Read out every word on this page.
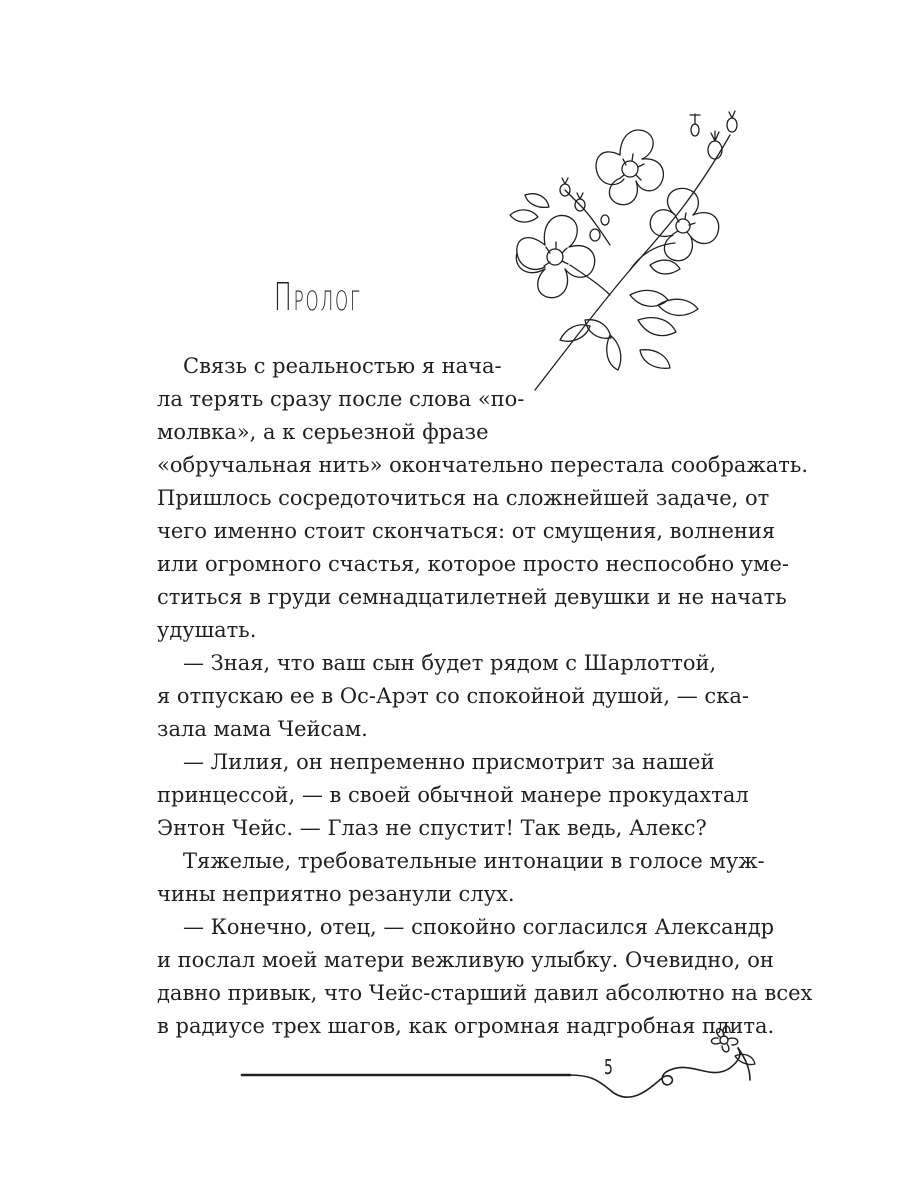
Пролог
Связь с реальностью я нача-
ла терять сразу после слова «по-
молвка», а к серьезной фразе
«обручальная нить» окончательно перестала соображать.
Пришлось сосредоточиться на сложнейшей задаче, от
чего именно стоит скончаться: от смущения, волнения
или огромного счастья, которое просто неспособно уме-
ститься в груди семнадцатилетней девушки и не начать
удушать.
— Зная, что ваш сын будет рядом с Шарлоттой,
я отпускаю ее в Ос-Арэт со спокойной душой, — ска-
зала мама Чейсам.
— Лилия, он непременно присмотрит за нашей
принцессой, — в своей обычной манере прокудахтал
Энтон Чейс. — Глаз не спустит! Так ведь, Алекс?
Тяжелые, требовательные интонации в голосе муж-
чины неприятно резанули слух.
— Конечно, отец, — спокойно согласился Александр
и послал моей матери вежливую улыбку. Очевидно, он
давно привык, что Чейс-старший давил абсолютно на всех
в радиусе трех шагов, как огромная надгробная плита.
5
